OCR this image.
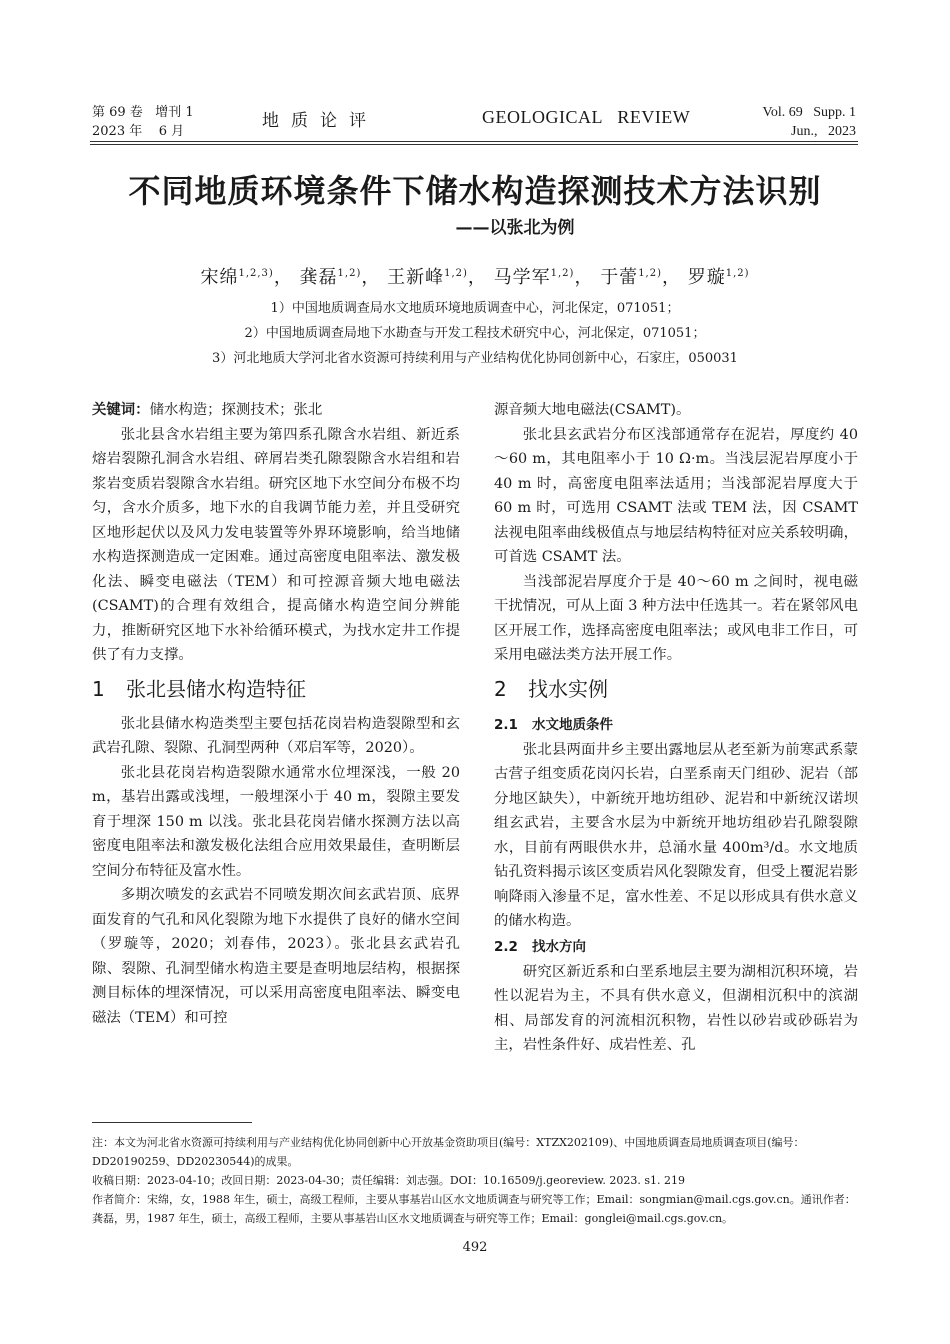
第 69 卷   增刊 1
2023 年    6 月
地质论评	GEOLOGICAL REVIEW	Vol. 69   Supp. 1
Jun.,   2023
不同地质环境条件下储水构造探测技术方法识别
——以张北为例
宋绵$^{1,2,3)}$， 龚磊$^{1,2)}$， 王新峰$^{1,2)}$， 马学军$^{1,2)}$， 于蕾$^{1,2)}$， 罗璇$^{1,2)}$
1）中国地质调查局水文地质环境地质调查中心，河北保定，071051；
2）中国地质调查局地下水勘查与开发工程技术研究中心，河北保定，071051；
3）河北地质大学河北省水资源可持续利用与产业结构优化协同创新中心，石家庄，050031

关键词：储水构造；探测技术；张北

张北县含水岩组主要为第四系孔隙含水岩组、新近系熔岩裂隙孔洞含水岩组、碎屑岩类孔隙裂隙含水岩组和岩浆岩变质岩裂隙含水岩组。研究区地下水空间分布极不均匀，含水介质多，地下水的自我调节能力差，并且受研究区地形起伏以及风力发电装置等外界环境影响，给当地储水构造探测造成一定困难。通过高密度电阻率法、激发极化法、瞬变电磁法（TEM）和可控源音频大地电磁法(CSAMT)的合理有效组合，提高储水构造空间分辨能力，推断研究区地下水补给循环模式，为找水定井工作提供了有力支撑。

1 张北县储水构造特征

张北县储水构造类型主要包括花岗岩构造裂隙型和玄武岩孔隙、裂隙、孔洞型两种（邓启军等，2020）。

张北县花岗岩构造裂隙水通常水位埋深浅，一般 20 m，基岩出露或浅埋，一般埋深小于 40 m，裂隙主要发育于埋深 150 m 以浅。张北县花岗岩储水探测方法以高密度电阻率法和激发极化法组合应用效果最佳，查明断层空间分布特征及富水性。

多期次喷发的玄武岩不同喷发期次间玄武岩顶、底界面发育的气孔和风化裂隙为地下水提供了良好的储水空间（罗璇等，2020；刘春伟，2023）。张北县玄武岩孔隙、裂隙、孔洞型储水构造主要是查明地层结构，根据探测目标体的埋深情况，可以采用高密度电阻率法、瞬变电磁法（TEM）和可控

源音频大地电磁法(CSAMT)。

张北县玄武岩分布区浅部通常存在泥岩，厚度约 40～60 m，其电阻率小于 10 Ω·m。当浅层泥岩厚度小于 40 m 时，高密度电阻率法适用；当浅部泥岩厚度大于 60 m 时，可选用 CSAMT 法或 TEM 法，因 CSAMT 法视电阻率曲线极值点与地层结构特征对应关系较明确，可首选 CSAMT 法。

当浅部泥岩厚度介于是 40～60 m 之间时，视电磁干扰情况，可从上面 3 种方法中任选其一。若在紧邻风电区开展工作，选择高密度电阻率法；或风电非工作日，可采用电磁法类方法开展工作。

2 找水实例

2.1 水文地质条件

张北县两面井乡主要出露地层从老至新为前寒武系蒙古营子组变质花岗闪长岩，白垩系南天门组砂、泥岩（部分地区缺失），中新统开地坊组砂、泥岩和中新统汉诺坝组玄武岩，主要含水层为中新统开地坊组砂岩孔隙裂隙水，目前有两眼供水井，总涌水量 400m³/d。水文地质钻孔资料揭示该区变质岩风化裂隙发育，但受上覆泥岩影响降雨入渗量不足，富水性差、不足以形成具有供水意义的储水构造。

2.2 找水方向

研究区新近系和白垩系地层主要为湖相沉积环境，岩性以泥岩为主，不具有供水意义，但湖相沉积中的滨湖相、局部发育的河流相沉积物，岩性以砂岩或砂砾岩为主，岩性条件好、成岩性差、孔

注：本文为河北省水资源可持续利用与产业结构优化协同创新中心开放基金资助项目(编号：XTZX202109)、中国地质调查局地质调查项目(编号：DD20190259、DD20230544)的成果。

收稿日期：2023-04-10；改回日期：2023-04-30；责任编辑：刘志强。DOI：10.16509/j.georeview. 2023. s1. 219

作者简介：宋绵，女，1988 年生，硕士，高级工程师，主要从事基岩山区水文地质调查与研究等工作；Email：songmian@mail.cgs.gov.cn。通讯作者：龚磊，男，1987 年生，硕士，高级工程师，主要从事基岩山区水文地质调查与研究等工作；Email：gonglei@mail.cgs.gov.cn。

492
